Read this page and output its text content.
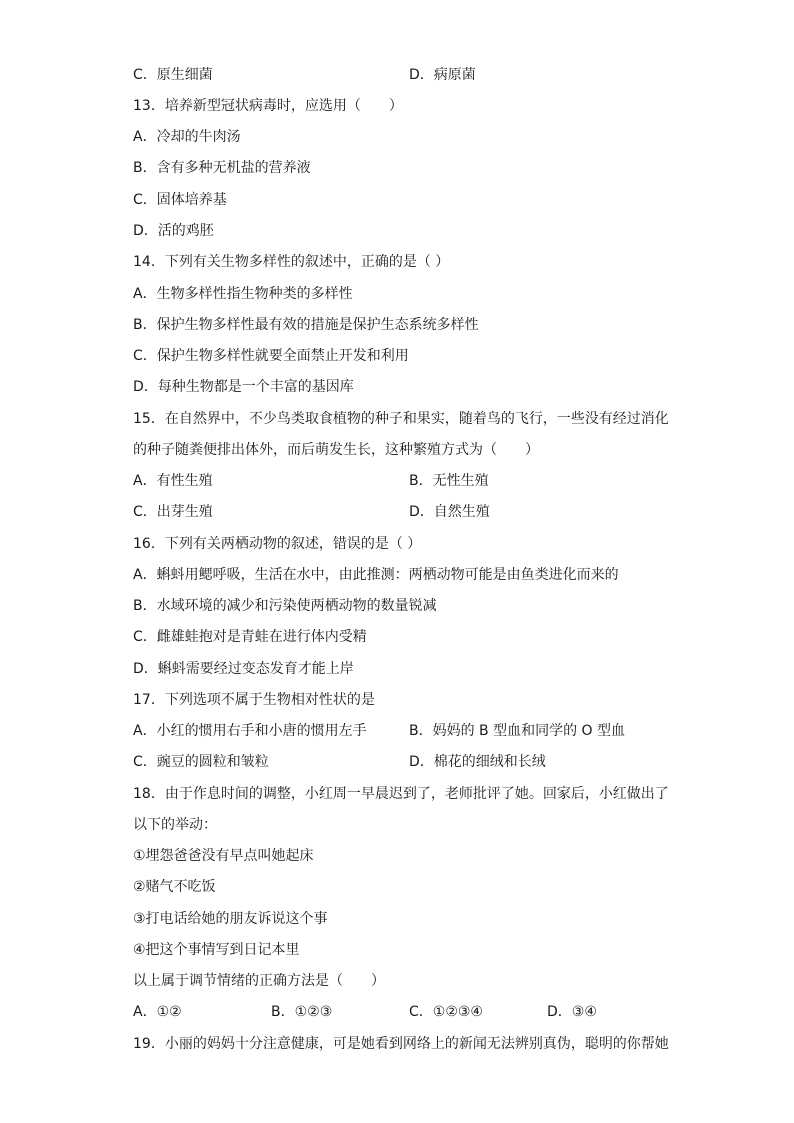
C．原生细菌	D．病原菌
13．培养新型冠状病毒时，应选用（　　）
A．冷却的牛肉汤
B．含有多种无机盐的营养液
C．固体培养基
D．活的鸡胚
14．下列有关生物多样性的叙述中，正确的是（ ）
A．生物多样性指生物种类的多样性
B．保护生物多样性最有效的措施是保护生态系统多样性
C．保护生物多样性就要全面禁止开发和利用
D．每种生物都是一个丰富的基因库
15．在自然界中，不少鸟类取食植物的种子和果实，随着鸟的飞行，一些没有经过消化
的种子随粪便排出体外，而后萌发生长，这种繁殖方式为（　　）
A．有性生殖	B．无性生殖
C．出芽生殖	D．自然生殖
16．下列有关两栖动物的叙述，错误的是（ ）
A．蝌蚪用鳃呼吸，生活在水中，由此推测：两栖动物可能是由鱼类进化而来的
B．水域环境的减少和污染使两栖动物的数量锐减
C．雌雄蛙抱对是青蛙在进行体内受精
D．蝌蚪需要经过变态发育才能上岸
17．下列选项不属于生物相对性状的是
A．小红的惯用右手和小唐的惯用左手	B．妈妈的 B 型血和同学的 O 型血
C．豌豆的圆粒和皱粒	D．棉花的细绒和长绒
18．由于作息时间的调整，小红周一早晨迟到了，老师批评了她。回家后，小红做出了
以下的举动：
①埋怨爸爸没有早点叫她起床
②赌气不吃饭
③打电话给她的朋友诉说这个事
④把这个事情写到日记本里
以上属于调节情绪的正确方法是（　　）
A．①②	B．①②③	C．①②③④	D．③④
19．小丽的妈妈十分注意健康，可是她看到网络上的新闻无法辨别真伪，聪明的你帮她
